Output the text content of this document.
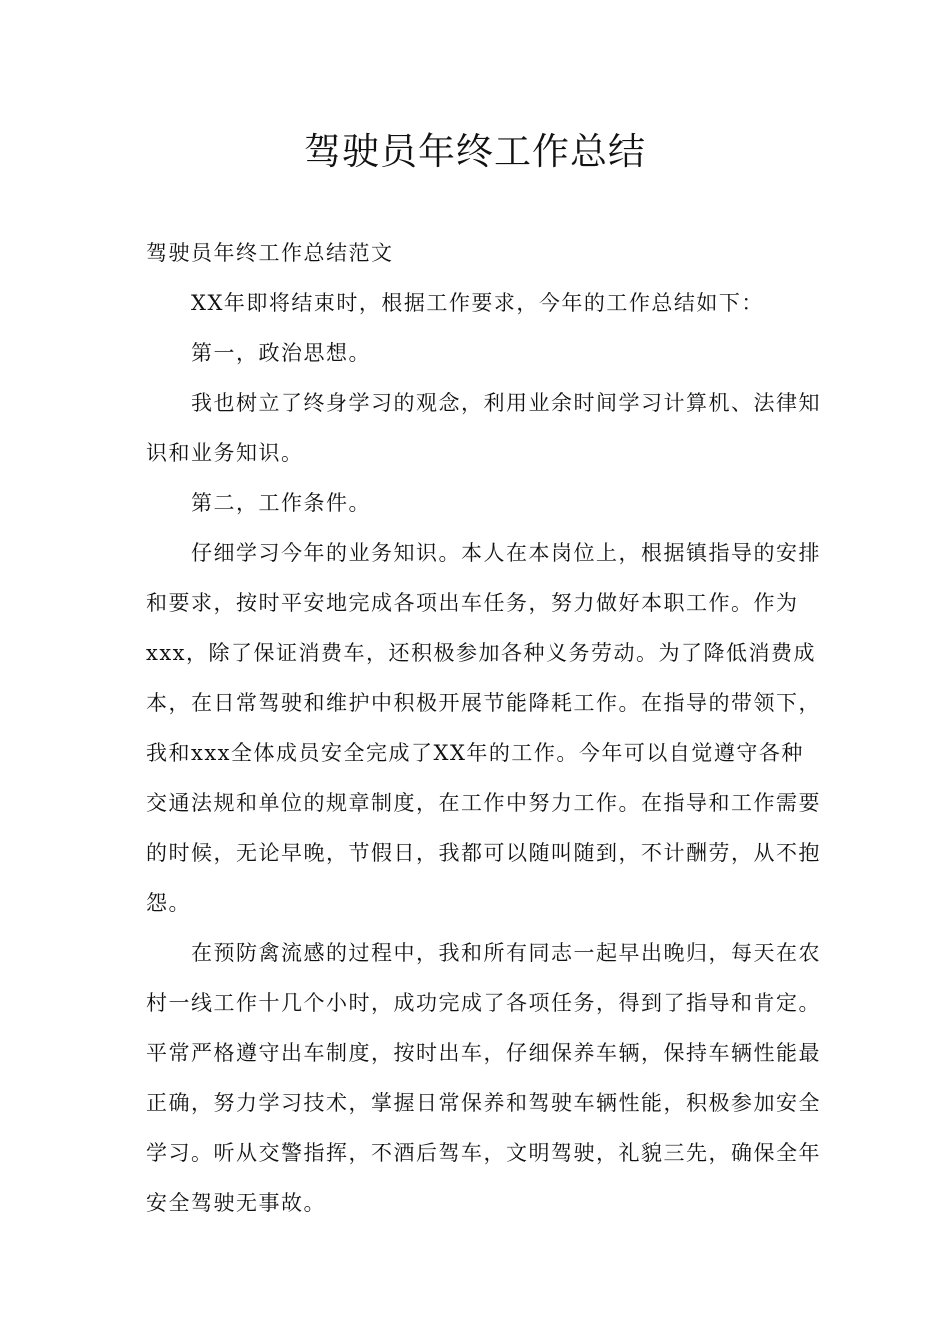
驾驶员年终工作总结

驾驶员年终工作总结范文

XX年即将结束时，根据工作要求，今年的工作总结如下：

第一，政治思想。

我也树立了终身学习的观念，利用业余时间学习计算机、法律知识和业务知识。

第二，工作条件。

仔细学习今年的业务知识。本人在本岗位上，根据镇指导的安排和要求，按时平安地完成各项出车任务，努力做好本职工作。作为xxx，除了保证消费车，还积极参加各种义务劳动。为了降低消费成本，在日常驾驶和维护中积极开展节能降耗工作。在指导的带领下，我和xxx全体成员安全完成了XX年的工作。今年可以自觉遵守各种交通法规和单位的规章制度，在工作中努力工作。在指导和工作需要的时候，无论早晚，节假日，我都可以随叫随到，不计酬劳，从不抱怨。

在预防禽流感的过程中，我和所有同志一起早出晚归，每天在农村一线工作十几个小时，成功完成了各项任务，得到了指导和肯定。平常严格遵守出车制度，按时出车，仔细保养车辆，保持车辆性能最正确，努力学习技术，掌握日常保养和驾驶车辆性能，积极参加安全学习。听从交警指挥，不酒后驾车，文明驾驶，礼貌三先，确保全年安全驾驶无事故。
